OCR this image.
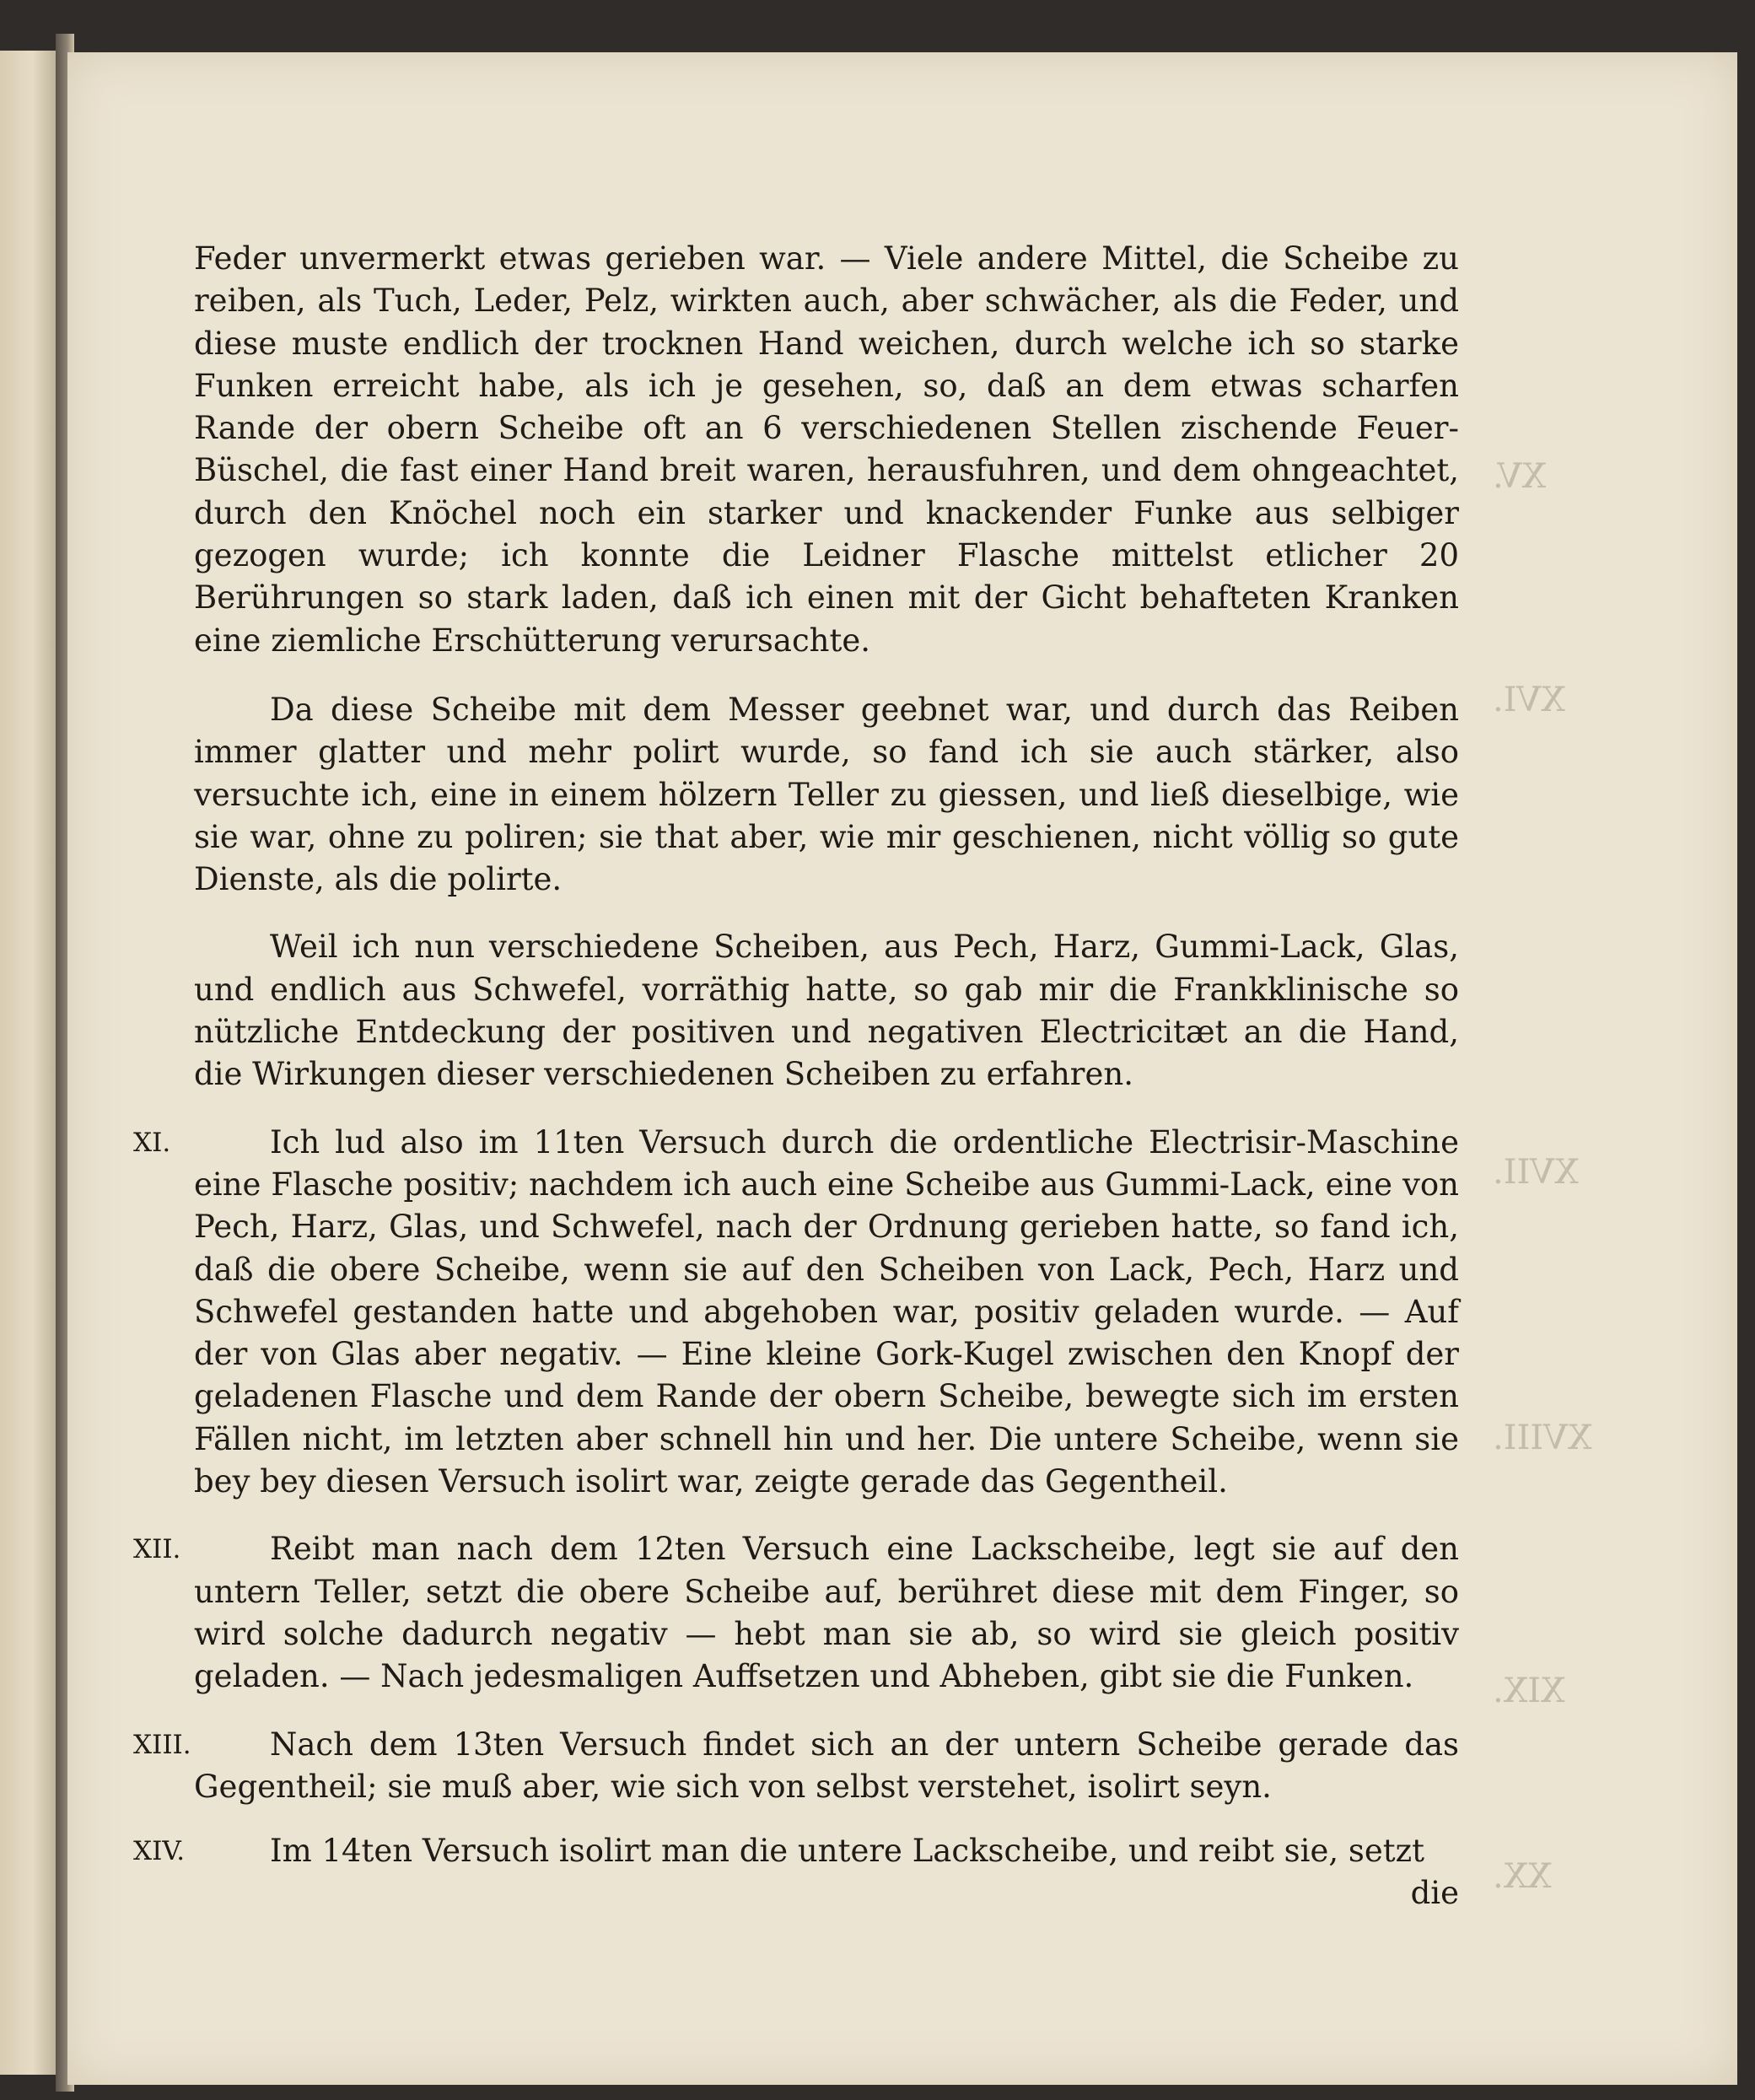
XV.
XVI.
XVII.
XVIII.
XIX.
XX.

Feder unvermerkt etwas gerieben war. — Viele andere Mittel, die Scheibe zu reiben, als Tuch, Leder, Pelz, wirkten auch, aber schwächer, als die Feder, und diese muste endlich der trocknen Hand weichen, durch welche ich so starke Funken erreicht habe, als ich je gesehen, so, daß an dem etwas scharfen Rande der obern Scheibe oft an 6 verschiedenen Stellen zischende Feuer-Büschel, die fast einer Hand breit waren, herausfuhren, und dem ohngeachtet, durch den Knöchel noch ein starker und knackender Funke aus selbiger gezogen wurde; ich konnte die Leidner Flasche mittelst etlicher 20 Berührungen so stark laden, daß ich einen mit der Gicht behafteten Kranken eine ziemliche Erschütterung verursachte.

Da diese Scheibe mit dem Messer geebnet war, und durch das Reiben immer glatter und mehr polirt wurde, so fand ich sie auch stärker, also versuchte ich, eine in einem hölzern Teller zu giessen, und ließ dieselbige, wie sie war, ohne zu poliren; sie that aber, wie mir geschienen, nicht völlig so gute Dienste, als die polirte.

Weil ich nun verschiedene Scheiben, aus Pech, Harz, Gummi-Lack, Glas, und endlich aus Schwefel, vorräthig hatte, so gab mir die Frankklinische so nützliche Entdeckung der positiven und negativen Electricitæt an die Hand, die Wirkungen dieser verschiedenen Scheiben zu erfahren.

XI.	Ich lud also im 11ten Versuch durch die ordentliche Electrisir-Maschine eine Flasche positiv; nachdem ich auch eine Scheibe aus Gummi-Lack, eine von Pech, Harz, Glas, und Schwefel, nach der Ordnung gerieben hatte, so fand ich, daß die obere Scheibe, wenn sie auf den Scheiben von Lack, Pech, Harz und Schwefel gestanden hatte und abgehoben war, positiv geladen wurde. — Auf der von Glas aber negativ. — Eine kleine Gork-Kugel zwischen den Knopf der geladenen Flasche und dem Rande der obern Scheibe, bewegte sich im ersten Fällen nicht, im letzten aber schnell hin und her. Die untere Scheibe, wenn sie bey bey diesen Versuch isolirt war, zeigte gerade das Gegentheil.

XII.	Reibt man nach dem 12ten Versuch eine Lackscheibe, legt sie auf den untern Teller, setzt die obere Scheibe auf, berühret diese mit dem Finger, so wird solche dadurch negativ — hebt man sie ab, so wird sie gleich positiv geladen. — Nach jedesmaligen Auffsetzen und Abheben, gibt sie die Funken.

XIII.	Nach dem 13ten Versuch findet sich an der untern Scheibe gerade das Gegentheil; sie muß aber, wie sich von selbst verstehet, isolirt seyn.

XIV.	Im 14ten Versuch isolirt man die untere Lackscheibe, und reibt sie, setzt

die
